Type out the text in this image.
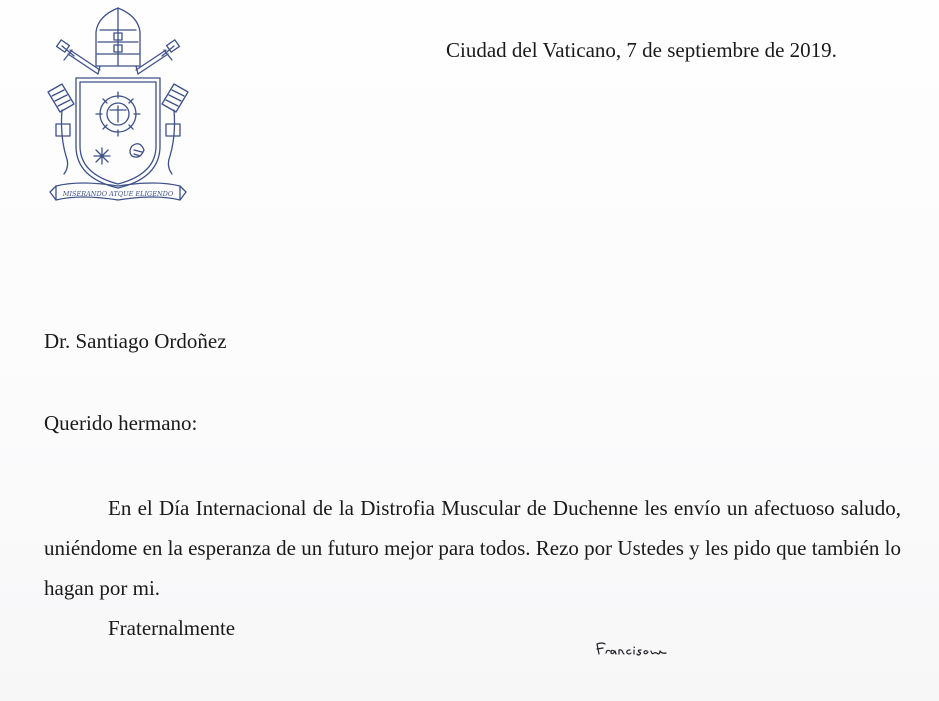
MISERANDO ATQUE ELIGENDO
Ciudad del Vaticano, 7 de septiembre de 2019.
Dr. Santiago Ordoñez
Querido hermano:

En el Día Internacional de la Distrofia Muscular de Duchenne les envío un afectuoso saludo, uniéndome en la esperanza de un futuro mejor para todos. Rezo por Ustedes y les pido que también lo hagan por mi.

Fraternalmente
